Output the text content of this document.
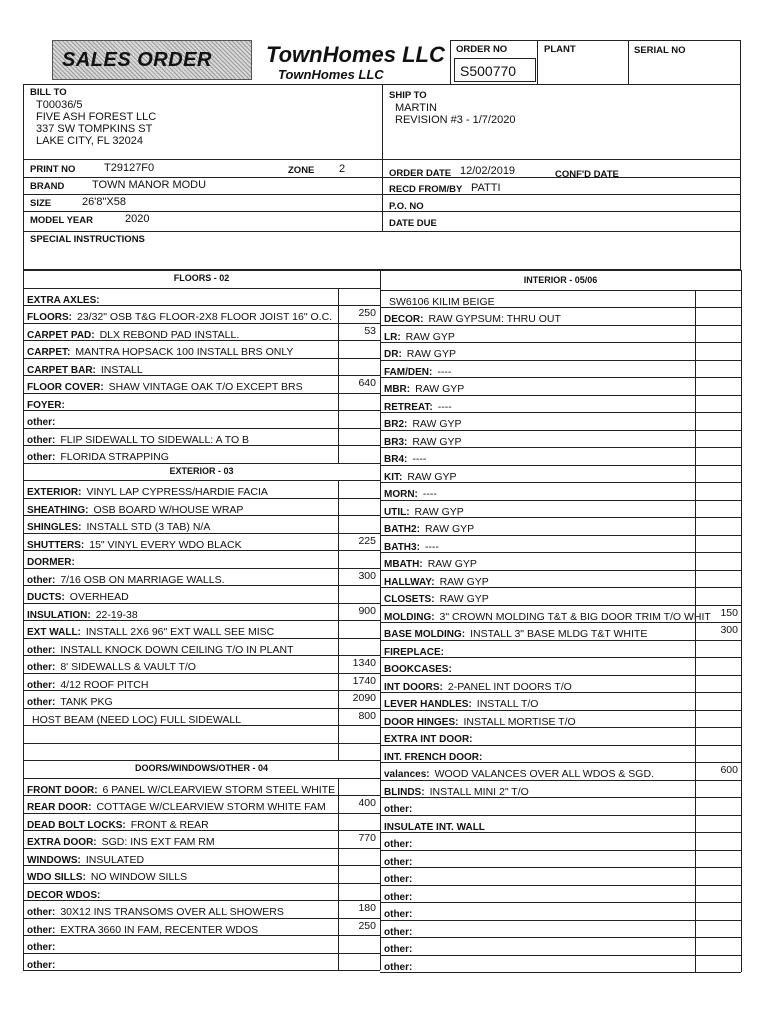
SALES ORDER TownHomes LLC
TownHomes LLC
ORDER NO
S500770
PLANT	SERIAL NO
BILL TO
T00036/5
FIVE ASH FOREST LLC
337 SW TOMPKINS ST
LAKE CITY, FL 32024
SHIP TO
MARTIN
REVISION #3 - 1/7/2020
PRINT NO	T29127F0	ZONE 2
BRAND	TOWN MANOR MODU
SIZE	26'8"X58
MODEL YEAR	2020
SPECIAL INSTRUCTIONS
ORDER DATE 12/02/2019	CONF'D DATE
RECD FROM/BY PATTI
P.O. NO
DATE DUE
FLOORS - 02
EXTRA AXLES:
FLOORS: 23/32" OSB T&G FLOOR-2X8 FLOOR JOIST 16" O.C.	250
CARPET PAD: DLX REBOND PAD INSTALL.	53
CARPET: MANTRA HOPSACK 100 INSTALL BRS ONLY
CARPET BAR: INSTALL
FLOOR COVER: SHAW VINTAGE OAK T/O EXCEPT BRS	640
FOYER:
other:
other: FLIP SIDEWALL TO SIDEWALL: A TO B
other: FLORIDA STRAPPING
EXTERIOR - 03
EXTERIOR: VINYL LAP CYPRESS/HARDIE FACIA
SHEATHING: OSB BOARD W/HOUSE WRAP
SHINGLES: INSTALL STD (3 TAB) N/A
SHUTTERS: 15" VINYL EVERY WDO BLACK	225
DORMER:
other: 7/16 OSB ON MARRIAGE WALLS.	300
DUCTS: OVERHEAD
INSULATION: 22-19-38	900
EXT WALL: INSTALL 2X6 96" EXT WALL SEE MISC
other: INSTALL KNOCK DOWN CEILING T/O IN PLANT
other: 8' SIDEWALLS & VAULT T/O	1340
other: 4/12 ROOF PITCH	1740
other: TANK PKG	2090
HOST BEAM (NEED LOC) FULL SIDEWALL	800
DOORS/WINDOWS/OTHER - 04
FRONT DOOR: 6 PANEL W/CLEARVIEW STORM STEEL WHITE
REAR DOOR: COTTAGE W/CLEARVIEW STORM WHITE FAM	400
DEAD BOLT LOCKS: FRONT & REAR
EXTRA DOOR: SGD: INS EXT FAM RM	770
WINDOWS: INSULATED
WDO SILLS: NO WINDOW SILLS
DECOR WDOS:
other: 30X12 INS TRANSOMS OVER ALL SHOWERS	180
other: EXTRA 3660 IN FAM, RECENTER WDOS	250
other:
other:
INTERIOR - 05/06
SW6106 KILIM BEIGE
DECOR: RAW GYPSUM: THRU OUT
LR: RAW GYP
DR: RAW GYP
FAM/DEN: ----
MBR: RAW GYP
RETREAT: ----
BR2: RAW GYP
BR3: RAW GYP
BR4: ----
KIT: RAW GYP
MORN: ----
UTIL: RAW GYP
BATH2: RAW GYP
BATH3: ----
MBATH: RAW GYP
HALLWAY: RAW GYP
CLOSETS: RAW GYP
MOLDING: 3" CROWN MOLDING T&T & BIG DOOR TRIM T/O WHIT 150
BASE MOLDING: INSTALL 3" BASE MLDG T&T WHITE	300
FIREPLACE:
BOOKCASES:
INT DOORS: 2-PANEL INT DOORS T/O
LEVER HANDLES: INSTALL T/O
DOOR HINGES: INSTALL MORTISE T/O
EXTRA INT DOOR:
INT. FRENCH DOOR:
valances: WOOD VALANCES OVER ALL WDOS & SGD.	600
BLINDS: INSTALL MINI 2" T/O
other:
INSULATE INT. WALL
other:
other:
other:
other:
other:
other:
other:
other:
